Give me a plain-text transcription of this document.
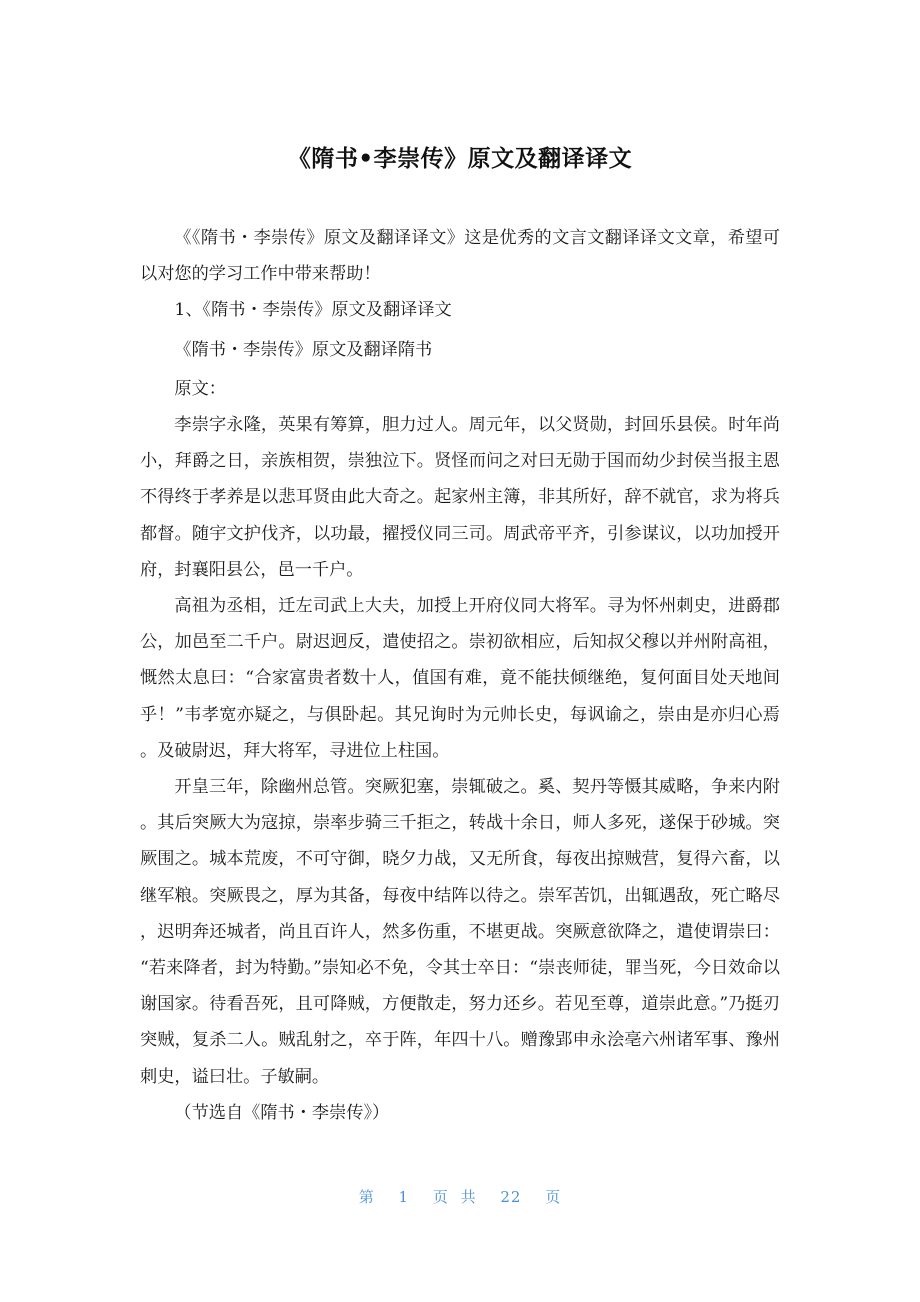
《隋书•李崇传》原文及翻译译文

《《隋书・李崇传》原文及翻译译文》这是优秀的文言文翻译译文文章，希望可以对您的学习工作中带来帮助！

1、《隋书・李崇传》原文及翻译译文

《隋书・李崇传》原文及翻译隋书

原文：

李崇字永隆，英果有筹算，胆力过人。周元年，以父贤勋，封回乐县侯。时年尚小，拜爵之日，亲族相贺，崇独泣下。贤怪而问之对曰无勋于国而幼少封侯当报主恩不得终于孝养是以悲耳贤由此大奇之。起家州主簿，非其所好，辞不就官，求为将兵都督。随宇文护伐齐，以功最，擢授仪同三司。周武帝平齐，引参谋议，以功加授开府，封襄阳县公，邑一千户。

高祖为丞相，迁左司武上大夫，加授上开府仪同大将军。寻为怀州刺史，进爵郡公，加邑至二千户。尉迟迥反，遣使招之。崇初欲相应，后知叔父穆以并州附高祖，慨然太息曰：“合家富贵者数十人，值国有难，竟不能扶倾继绝，复何面目处天地间乎！”韦孝宽亦疑之，与俱卧起。其兄询时为元帅长史，每讽谕之，崇由是亦归心焉。及破尉迟，拜大将军，寻进位上柱国。

开皇三年，除幽州总管。突厥犯塞，崇辄破之。奚、契丹等慑其威略，争来内附。其后突厥大为寇掠，崇率步骑三千拒之，转战十余日，师人多死，遂保于砂城。突厥围之。城本荒废，不可守御，晓夕力战，又无所食，每夜出掠贼营，复得六畜，以继军粮。突厥畏之，厚为其备，每夜中结阵以待之。崇军苦饥，出辄遇敌，死亡略尽，迟明奔还城者，尚且百许人，然多伤重，不堪更战。突厥意欲降之，遣使谓崇曰：“若来降者，封为特勤。”崇知必不免，令其士卒日：“崇丧师徒，罪当死，今日效命以谢国家。待看吾死，且可降贼，方便散走，努力还乡。若见至尊，道崇此意。”乃挺刃突贼，复杀二人。贼乱射之，卒于阵，年四十八。赠豫郢申永浍亳六州诸军事、豫州刺史，谥曰壮。子敏嗣。

（节选自《隋书・李崇传》）

第 1 页 共 22 页
